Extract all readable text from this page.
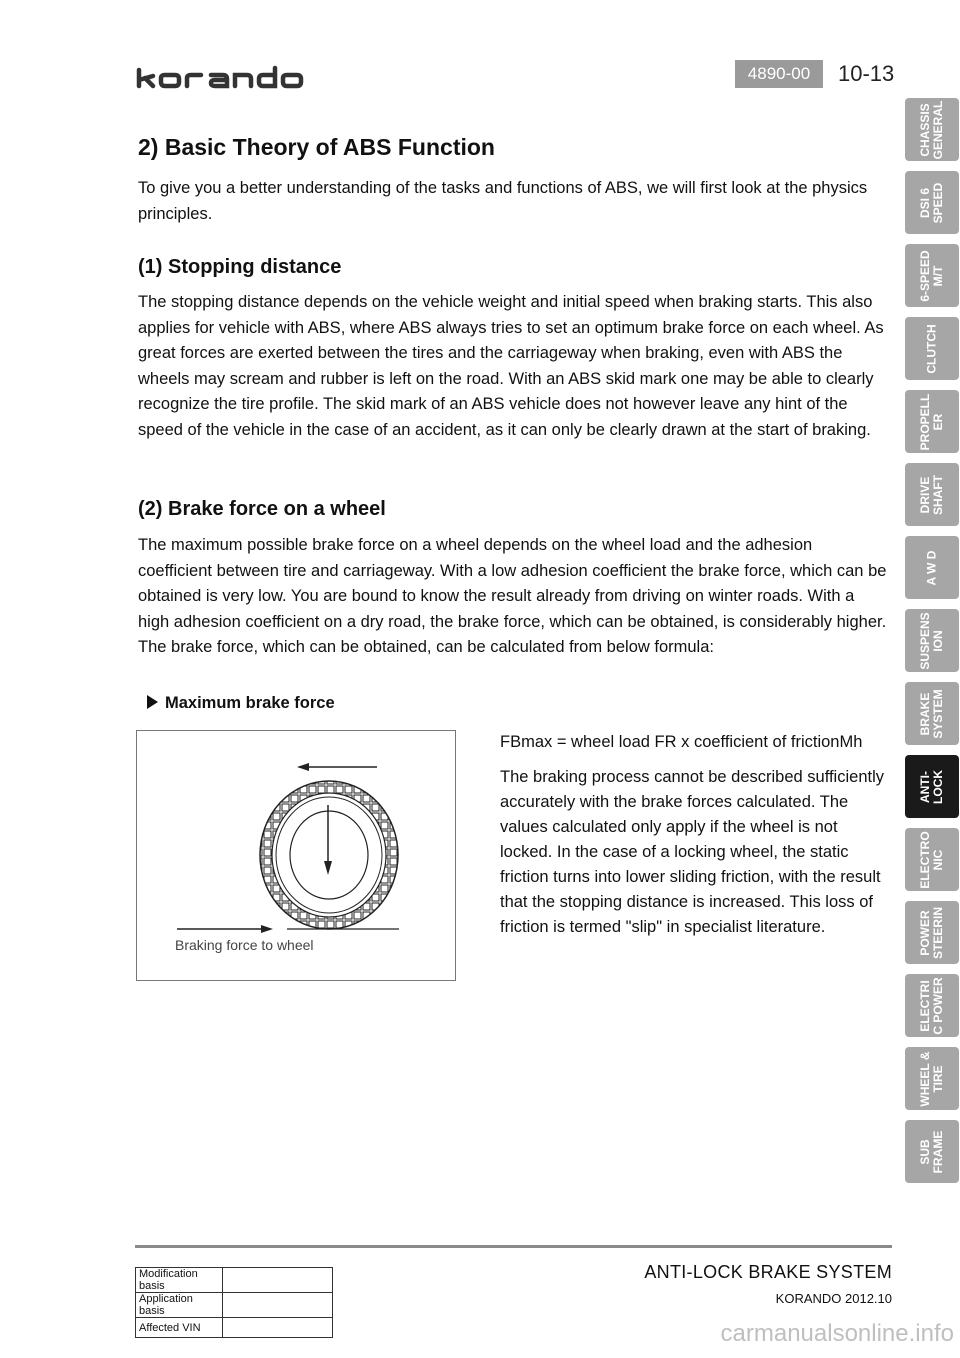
4890-00	10-13
CHASSIS
GENERAL
DSI 6
SPEED
6-SPEED
M/T
CLUTCH
PROPELL
ER
DRIVE
SHAFT
A W D
SUSPENS
ION
BRAKE
SYSTEM
ANTI-
LOCK
ELECTRO
NIC
POWER
STEERIN
ELECTRI
C POWER
WHEEL &
TIRE
SUB
FRAME
2) Basic Theory of ABS Function

To give you a better understanding of the tasks and functions of ABS, we will first look at the physics principles.

(1) Stopping distance

The stopping distance depends on the vehicle weight and initial speed when braking starts. This also applies for vehicle with ABS, where ABS always tries to set an optimum brake force on each wheel. As great forces are exerted between the tires and the carriageway when braking, even with ABS the wheels may scream and rubber is left on the road. With an ABS skid mark one may be able to clearly recognize the tire profile. The skid mark of an ABS vehicle does not however leave any hint of the speed of the vehicle in the case of an accident, as it can only be clearly drawn at the start of braking.

(2) Brake force on a wheel

The maximum possible brake force on a wheel depends on the wheel load and the adhesion coefficient between tire and carriageway. With a low adhesion coefficient the brake force, which can be obtained is very low. You are bound to know the result already from driving on winter roads. With a high adhesion coefficient on a dry road, the brake force, which can be obtained, is considerably higher. The brake force, which can be obtained, can be calculated from below formula:

Maximum brake force
Braking force to wheel

FBmax = wheel load FR x coefficient of frictionMh

The braking process cannot be described sufficiently accurately with the brake forces calculated. The values calculated only apply if the wheel is not locked. In the case of a locking wheel, the static friction turns into lower sliding friction, with the result that the stopping distance is increased. This loss of friction is termed "slip" in specialist literature.

Modification basis	
Application basis	
Affected VIN	
ANTI-LOCK BRAKE SYSTEM
KORANDO 2012.10
carmanualsonline.info
